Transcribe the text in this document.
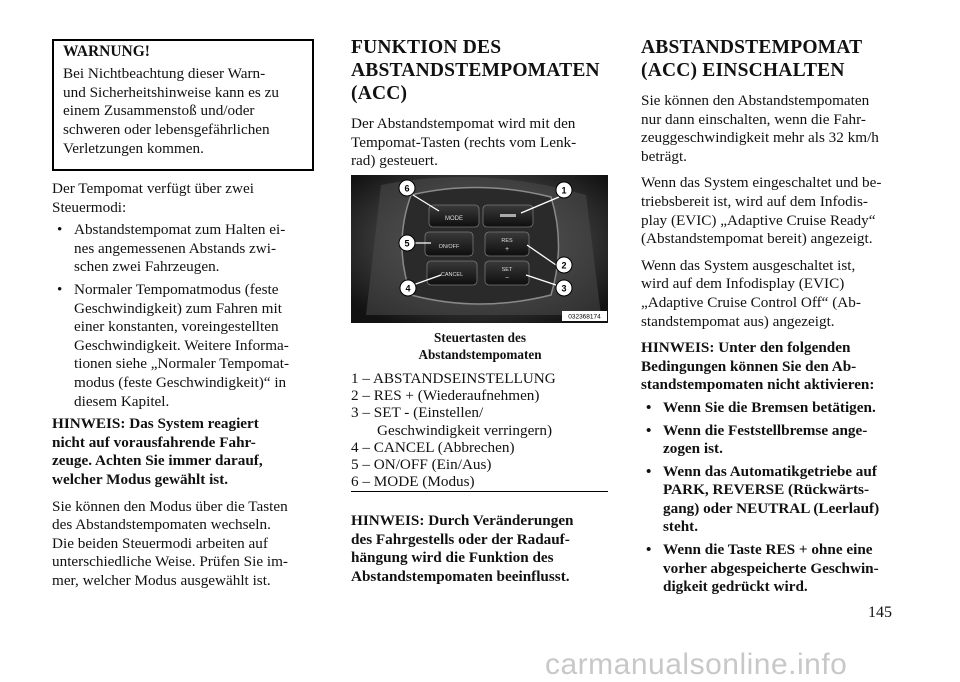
WARNUNG!

Bei Nichtbeachtung dieser Warn-
und Sicherheitshinweise kann es zu
einem Zusammenstoß und/oder
schweren oder lebensgefährlichen
Verletzungen kommen.

Der Tempomat verfügt über zwei
Steuermodi:

• Abstandstempomat zum Halten ei-
nes angemessenen Abstands zwi-
schen zwei Fahrzeugen.
• Normaler Tempomatmodus (feste
Geschwindigkeit) zum Fahren mit
einer konstanten, voreingestellten
Geschwindigkeit. Weitere Informa-
tionen siehe „Normaler Tempomat-
modus (feste Geschwindigkeit)“ in
diesem Kapitel.

HINWEIS: Das System reagiert
nicht auf vorausfahrende Fahr-
zeuge. Achten Sie immer darauf,
welcher Modus gewählt ist.

Sie können den Modus über die Tasten
des Abstandstempomaten wechseln.
Die beiden Steuermodi arbeiten auf
unterschiedliche Weise. Prüfen Sie im-
mer, welcher Modus ausgewählt ist.

FUNKTION DES
ABSTANDSTEMPOMATEN
(ACC)

Der Abstandstempomat wird mit den
Tempomat-Tasten (rechts vom Lenk-
rad) gesteuert.

MODE
ON/OFF
RES
+
CANCEL
SET
−
6	1
5
2
4	3
032368174
Steuertasten des
Abstandstempomaten

1 – ABSTANDSEINSTELLUNG

2 – RES + (Wiederaufnehmen)

3 – SET - (Einstellen/

Geschwindigkeit verringern)

4 – CANCEL (Abbrechen)

5 – ON/OFF (Ein/Aus)

6 – MODE (Modus)

HINWEIS: Durch Veränderungen
des Fahrgestells oder der Radauf-
hängung wird die Funktion des
Abstandstempomaten beeinflusst.

ABSTANDSTEMPOMAT
(ACC) EINSCHALTEN

Sie können den Abstandstempomaten
nur dann einschalten, wenn die Fahr-
zeuggeschwindigkeit mehr als 32 km/h
beträgt.

Wenn das System eingeschaltet und be-
triebsbereit ist, wird auf dem Infodis-
play (EVIC) „Adaptive Cruise Ready“
(Abstandstempomat bereit) angezeigt.

Wenn das System ausgeschaltet ist,
wird auf dem Infodisplay (EVIC)
„Adaptive Cruise Control Off“ (Ab-
standstempomat aus) angezeigt.

HINWEIS: Unter den folgenden
Bedingungen können Sie den Ab-
standstempomaten nicht aktivieren:

• Wenn Sie die Bremsen betätigen.
• Wenn die Feststellbremse ange-
zogen ist.
• Wenn das Automatikgetriebe auf
PARK, REVERSE (Rückwärts-
gang) oder NEUTRAL (Leerlauf)
steht.
• Wenn die Taste RES + ohne eine
vorher abgespeicherte Geschwin-
digkeit gedrückt wird.
145
carmanualsonline.info
